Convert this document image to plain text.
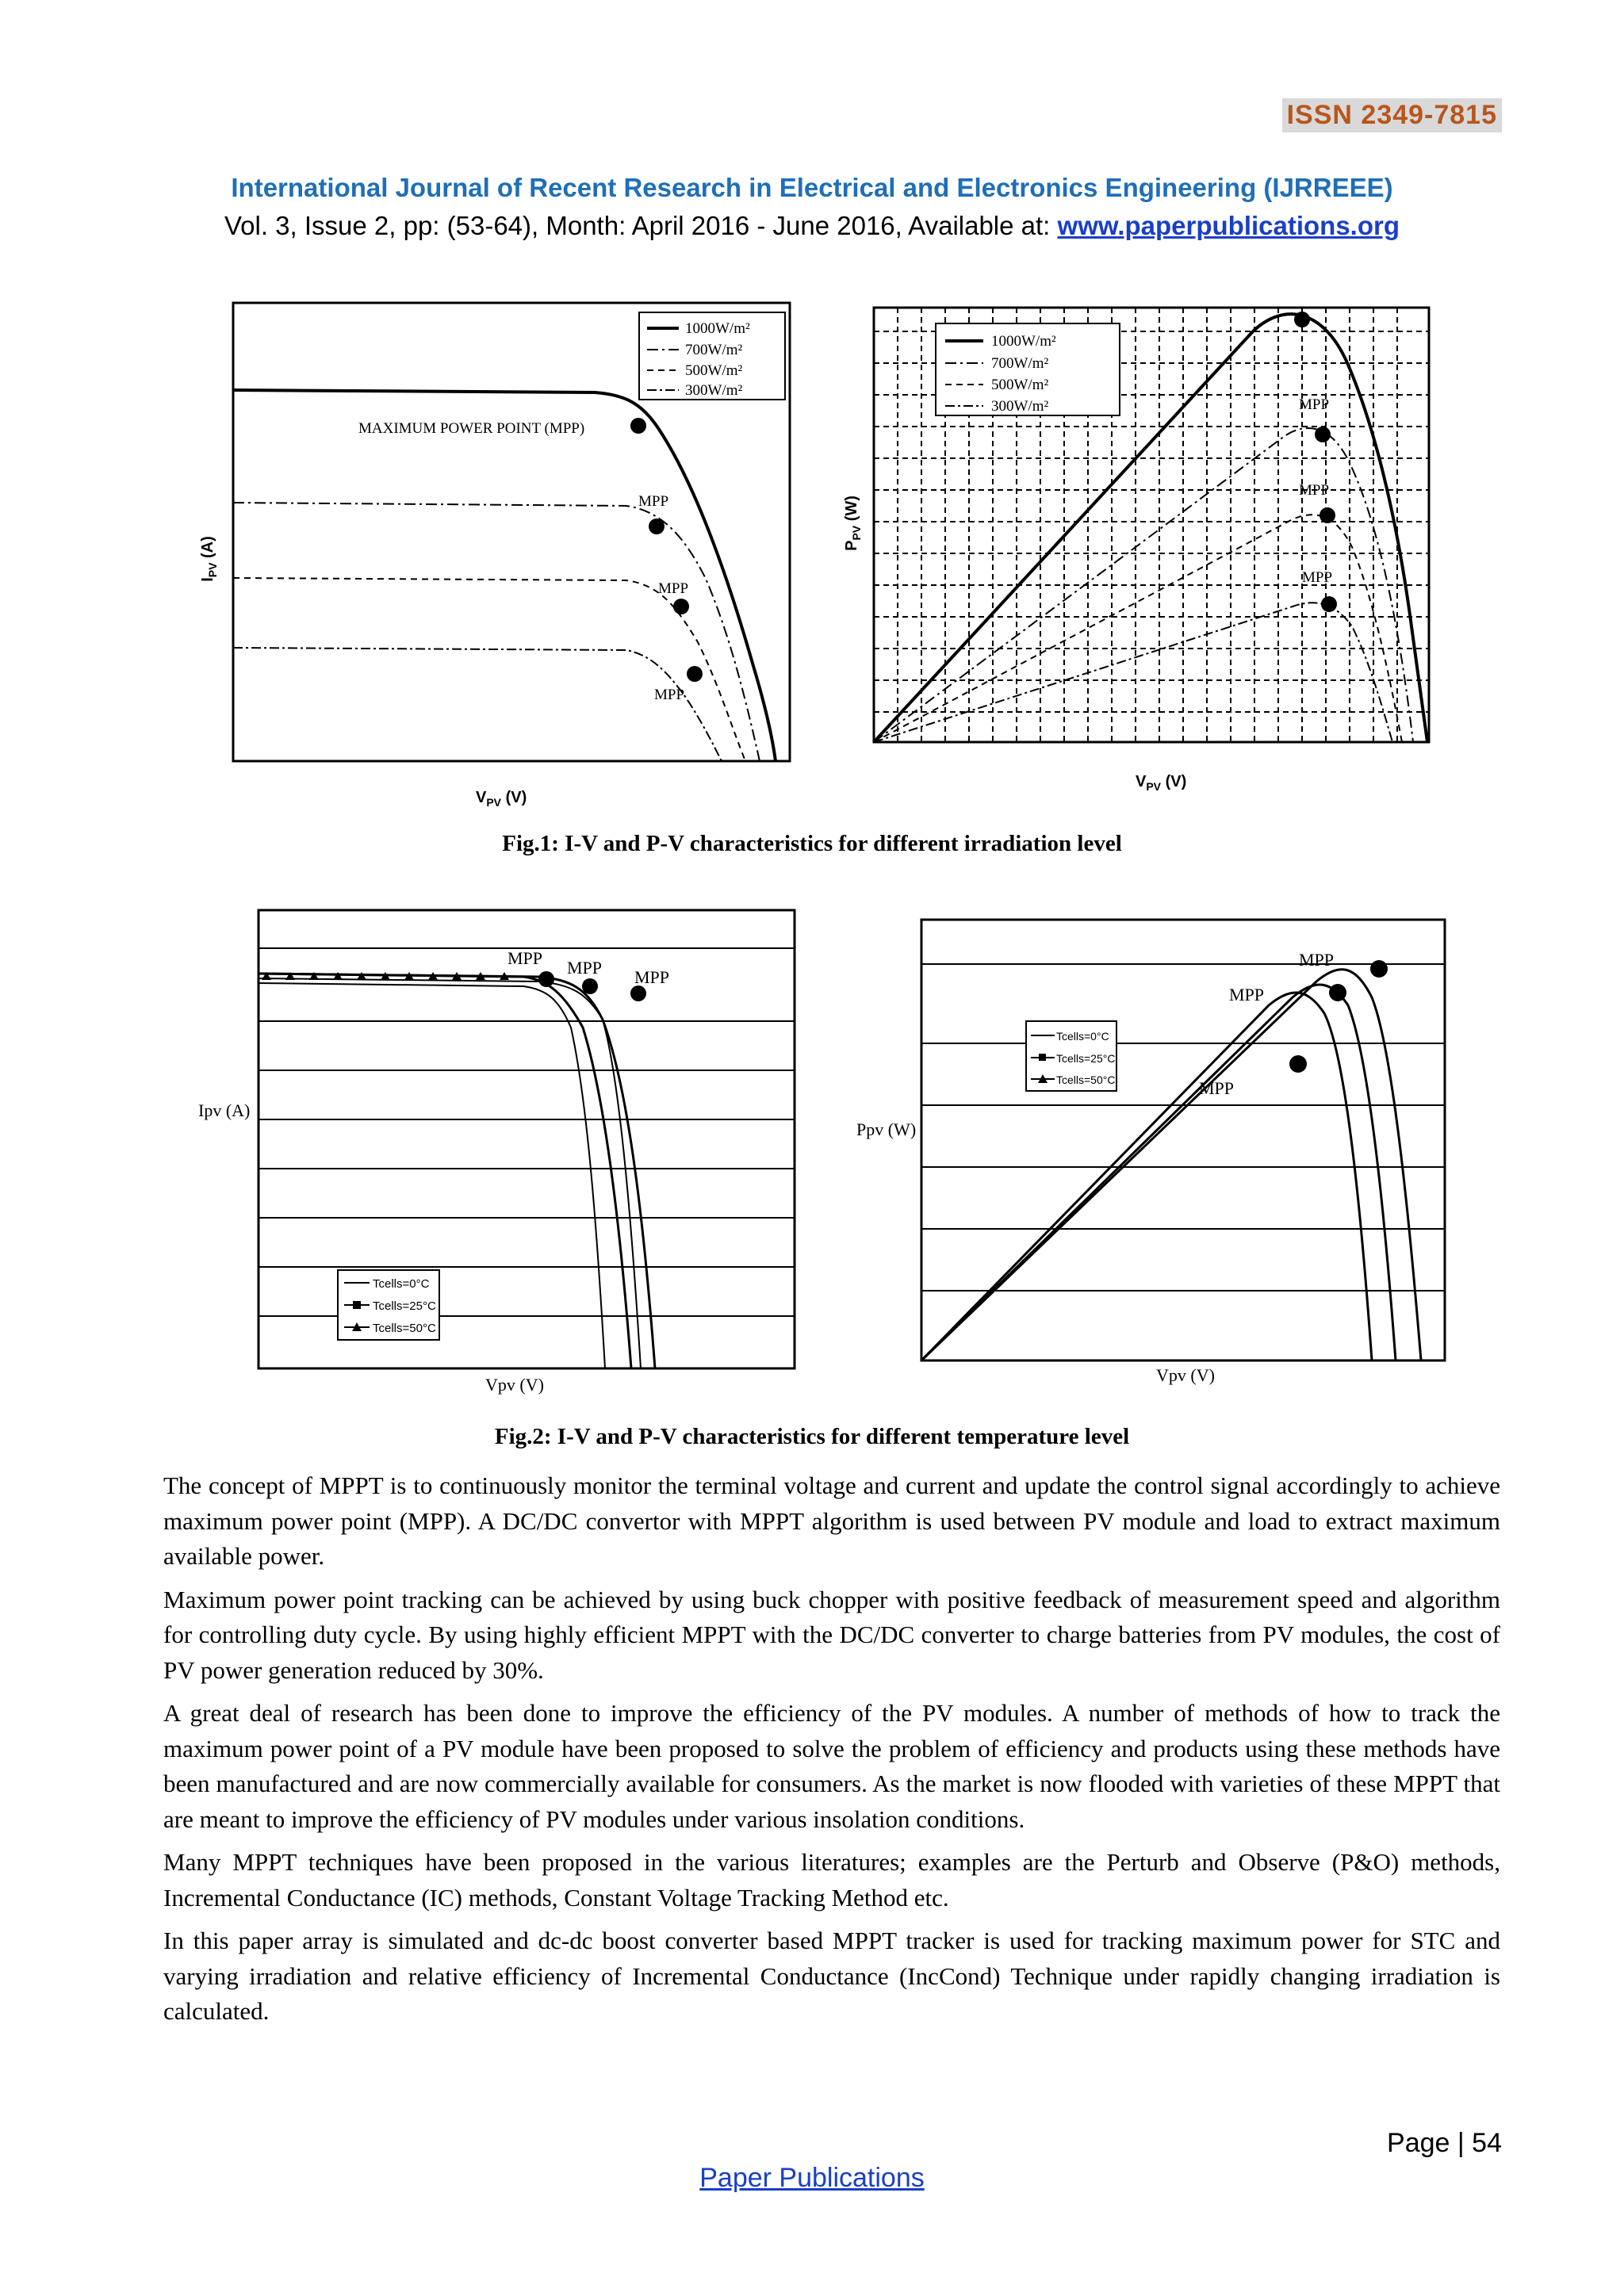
ISSN 2349-7815
International Journal of Recent Research in Electrical and Electronics Engineering (IJRREEE)
Vol. 3, Issue 2, pp: (53-64), Month: April 2016 - June 2016, Available at: www.paperpublications.org
MAXIMUM POWER POINT (MPP)
MPP
MPP
MPP
1000W/m²
700W/m²
500W/m²
300W/m²
$I_{PV}$ (A)
$V_{PV}$ (V)
MPP
MPP
MPP
1000W/m²
700W/m²
500W/m²
300W/m²
$P_{PV}$ (W)
$V_{PV}$ (V)
Fig.1: I-V and P-V characteristics for different irradiation level
MPP MPP MPP
Tcells=0°C
Tcells=25°C
Tcells=50°C
Ipv (A)
Vpv (V)
MPP
MPP
MPP
Tcells=0°C
Tcells=25°C
Tcells=50°C
Ppv (W)
Vpv (V)
Fig.2: I-V and P-V characteristics for different temperature level

The concept of MPPT is to continuously monitor the terminal voltage and current and update the control signal accordingly to achieve maximum power point (MPP). A DC/DC convertor with MPPT algorithm is used between PV module and load to extract maximum available power.

Maximum power point tracking can be achieved by using buck chopper with positive feedback of measurement speed and algorithm for controlling duty cycle. By using highly efficient MPPT with the DC/DC converter to charge batteries from PV modules, the cost of PV power generation reduced by 30%.

A great deal of research has been done to improve the efficiency of the PV modules. A number of methods of how to track the maximum power point of a PV module have been proposed to solve the problem of efficiency and products using these methods have been manufactured and are now commercially available for consumers. As the market is now flooded with varieties of these MPPT that are meant to improve the efficiency of PV modules under various insolation conditions.

Many MPPT techniques have been proposed in the various literatures; examples are the Perturb and Observe (P&O) methods, Incremental Conductance (IC) methods, Constant Voltage Tracking Method etc.

In this paper array is simulated and dc-dc boost converter based MPPT tracker is used for tracking maximum power for STC and varying irradiation and relative efficiency of Incremental Conductance (IncCond) Technique under rapidly changing irradiation is calculated.

Page | 54
Paper Publications
